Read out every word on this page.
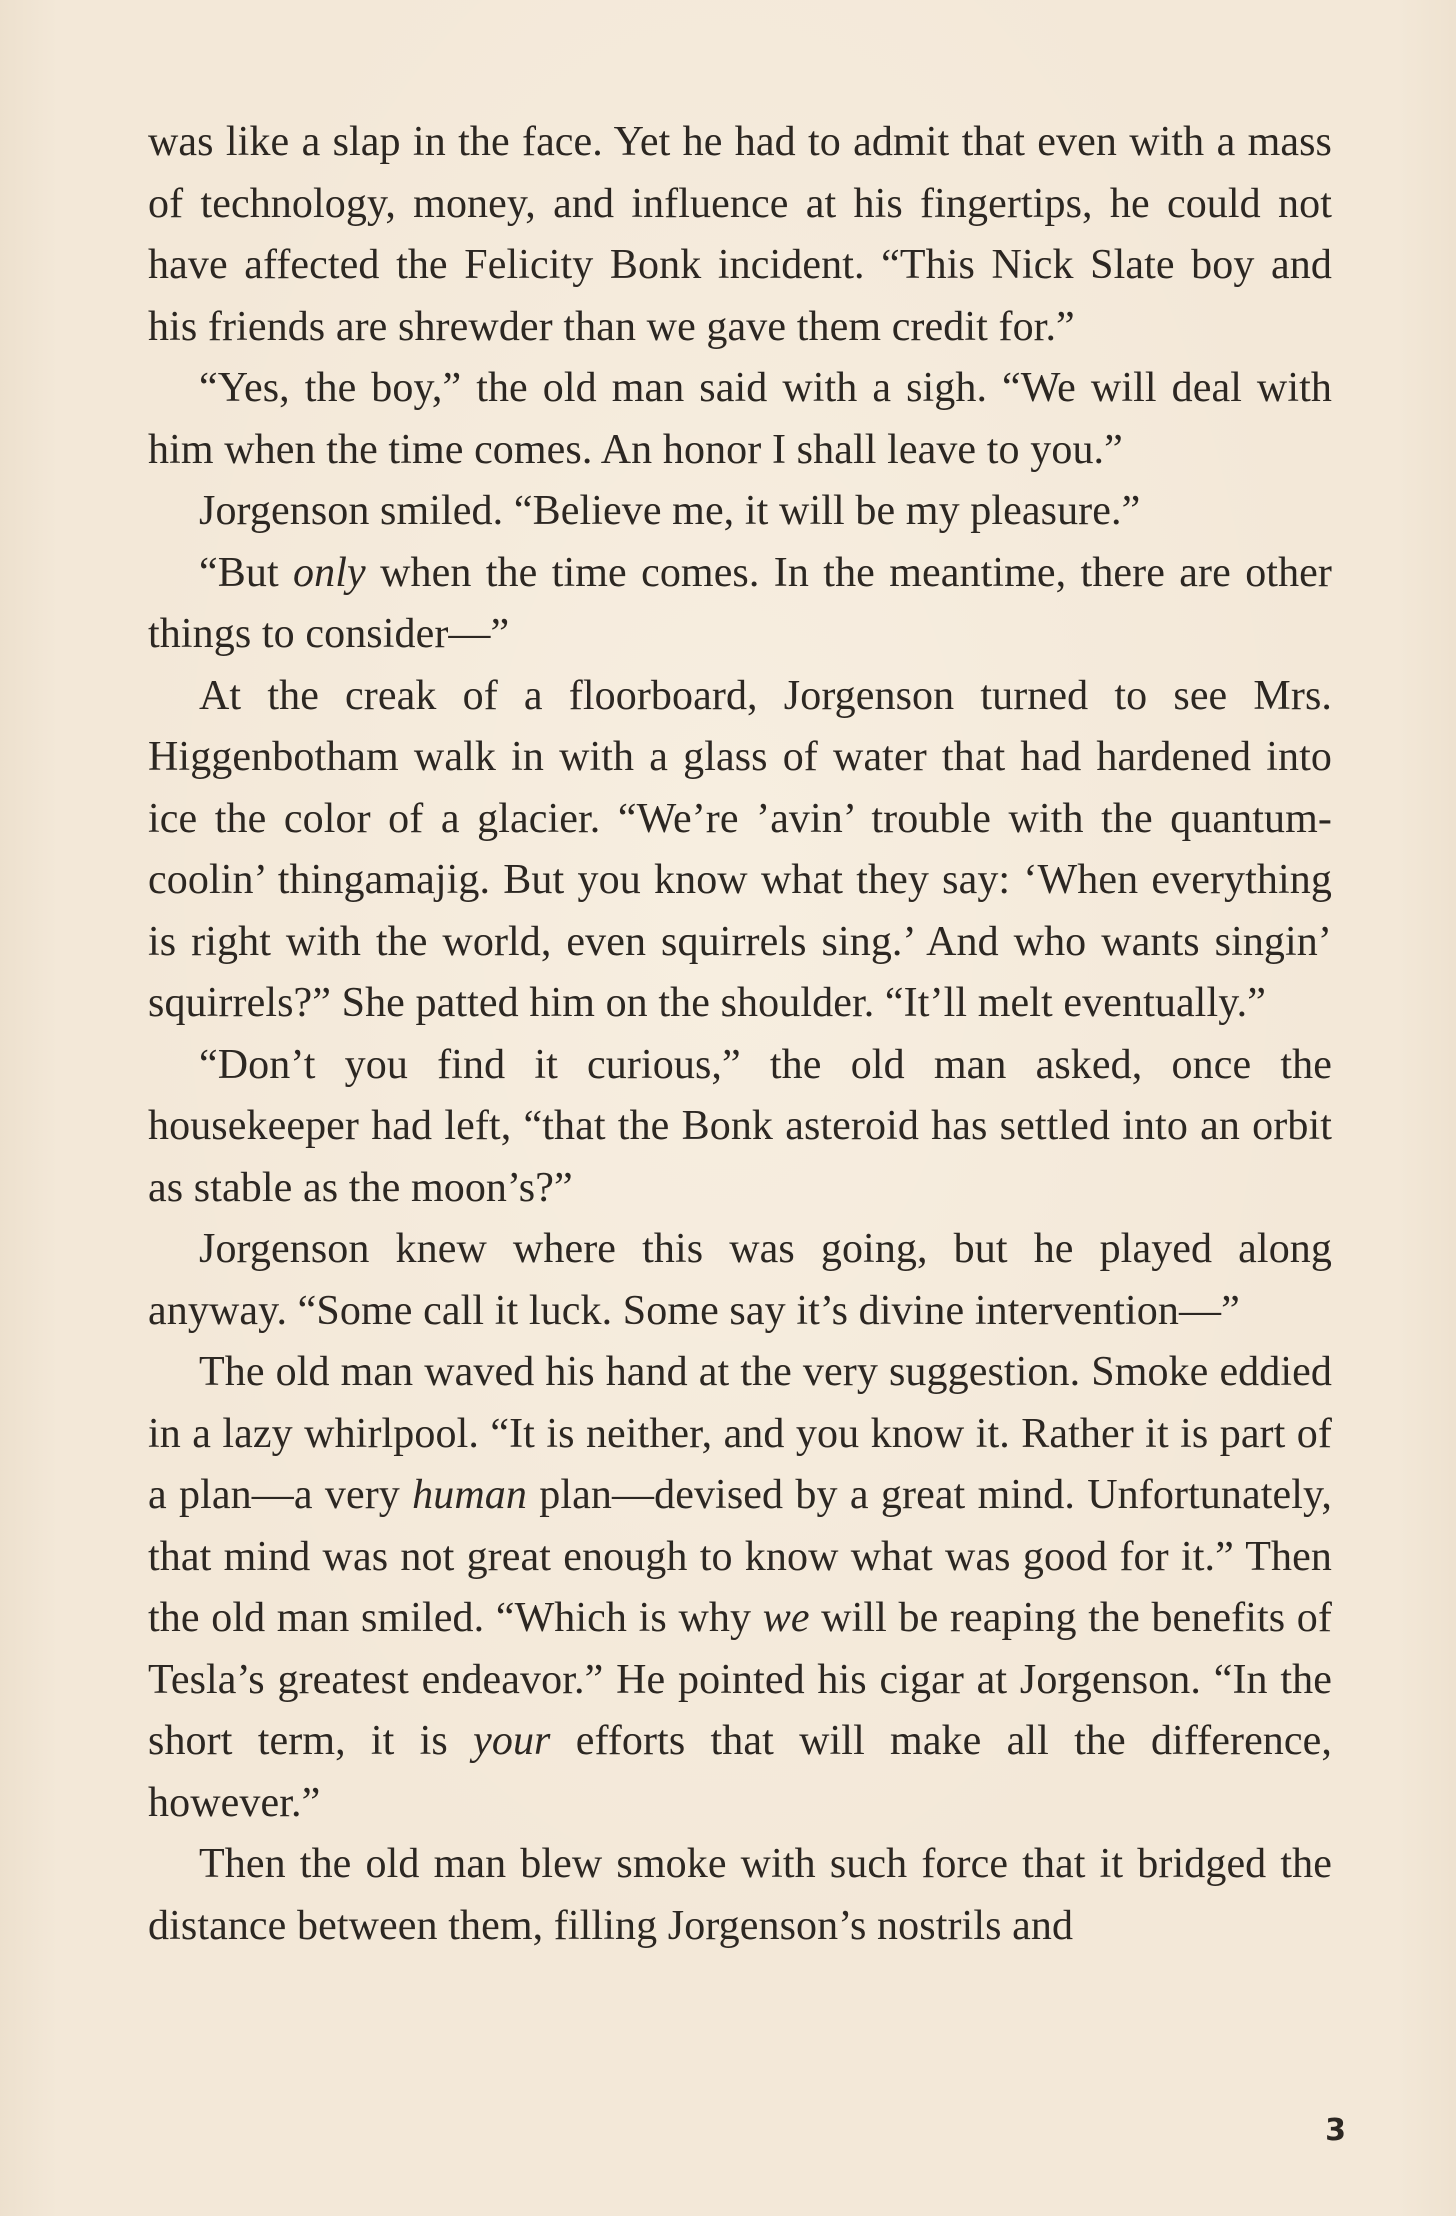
was like a slap in the face. Yet he had to admit that even with a mass of technology, money, and influence at his fingertips, he could not have affected the Felicity Bonk incident. “This Nick Slate boy and his friends are shrewder than we gave them credit for.”

“Yes, the boy,” the old man said with a sigh. “We will deal with him when the time comes. An honor I shall leave to you.”

Jorgenson smiled. “Believe me, it will be my pleasure.”

“But only when the time comes. In the meantime, there are other things to consider—”

At the creak of a floorboard, Jorgenson turned to see Mrs. Higgenbotham walk in with a glass of water that had hardened into ice the color of a glacier. “We’re ’avin’ trouble with the quantum-coolin’ thingamajig. But you know what they say: ‘When everything is right with the world, even squirrels sing.’ And who wants singin’ squirrels?” She patted him on the shoulder. “It’ll melt eventually.”

“Don’t you find it curious,” the old man asked, once the housekeeper had left, “that the Bonk asteroid has settled into an orbit as stable as the moon’s?”

Jorgenson knew where this was going, but he played along anyway. “Some call it luck. Some say it’s divine intervention—”

The old man waved his hand at the very suggestion. Smoke eddied in a lazy whirlpool. “It is neither, and you know it. Rather it is part of a plan—a very human plan—devised by a great mind. Unfortunately, that mind was not great enough to know what was good for it.” Then the old man smiled. “Which is why we will be reaping the benefits of Tesla’s greatest endeavor.” He pointed his cigar at Jorgenson. “In the short term, it is your efforts that will make all the difference, however.”

Then the old man blew smoke with such force that it bridged the distance between them, filling Jorgenson’s nostrils and

3
